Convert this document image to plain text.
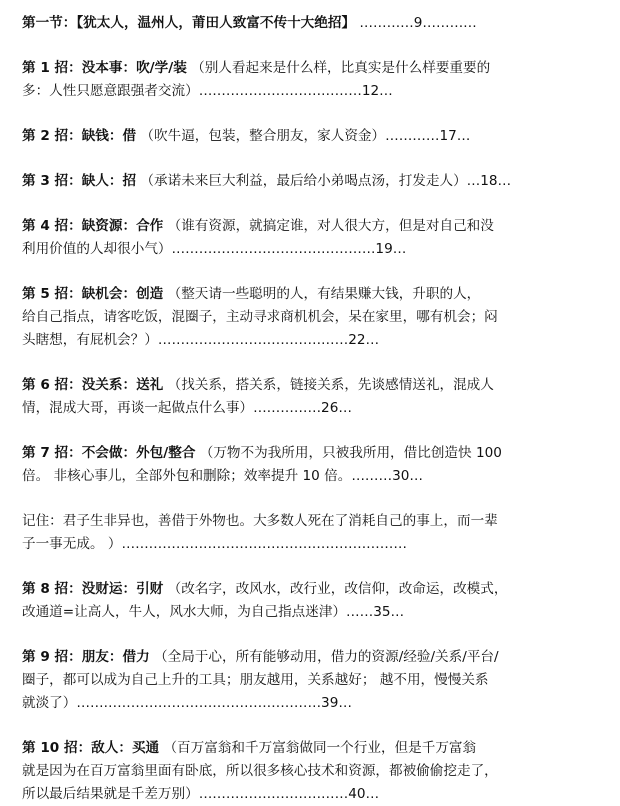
第一节：【犹太人，温州人，莆田人致富不传十大绝招】 …………9…………
第 1 招：没本事：吹/学/装 （别人看起来是什么样，比真实是什么样要重要的
多：人性只愿意跟强者交流）………………………………12…
第 2 招：缺钱：借 （吹牛逼，包装，整合朋友，家人资金）…………17…
第 3 招：缺人：招 （承诺未来巨大利益，最后给小弟喝点汤，打发走人）…18…
第 4 招：缺资源：合作 （谁有资源，就搞定谁，对人很大方，但是对自己和没
利用价值的人却很小气）………………………………………19…
第 5 招：缺机会：创造 （整天请一些聪明的人，有结果赚大钱，升职的人，
给自己指点，请客吃饭，混圈子，主动寻求商机机会，呆在家里，哪有机会；闷
头瞎想，有屁机会？）……………………………………22…
第 6 招：没关系：送礼 （找关系，搭关系，链接关系，先谈感情送礼，混成人
情，混成大哥，再谈一起做点什么事）……………26…
第 7 招：不会做：外包/整合 （万物不为我所用，只被我所用，借比创造快 100
倍。 非核心事儿，全部外包和删除；效率提升 10 倍。………30…
记住：君子生非异也，善借于外物也。大多数人死在了消耗自己的事上，而一辈
子一事无成。 ）………………………………………………………
第 8 招：没财运：引财 （改名字，改风水，改行业，改信仰，改命运，改模式，
改通道=让高人，牛人，风水大师，为自己指点迷津）……35…
第 9 招：朋友：借力 （全局于心，所有能够动用，借力的资源/经验/关系/平台/
圈子，都可以成为自己上升的工具；朋友越用，关系越好； 越不用，慢慢关系
就淡了）………………………………………………39…
第 10 招：敌人：买通 （百万富翁和千万富翁做同一个行业，但是千万富翁
就是因为在百万富翁里面有卧底，所以很多核心技术和资源，都被偷偷挖走了，
所以最后结果就是千差万别）……………………………40…
